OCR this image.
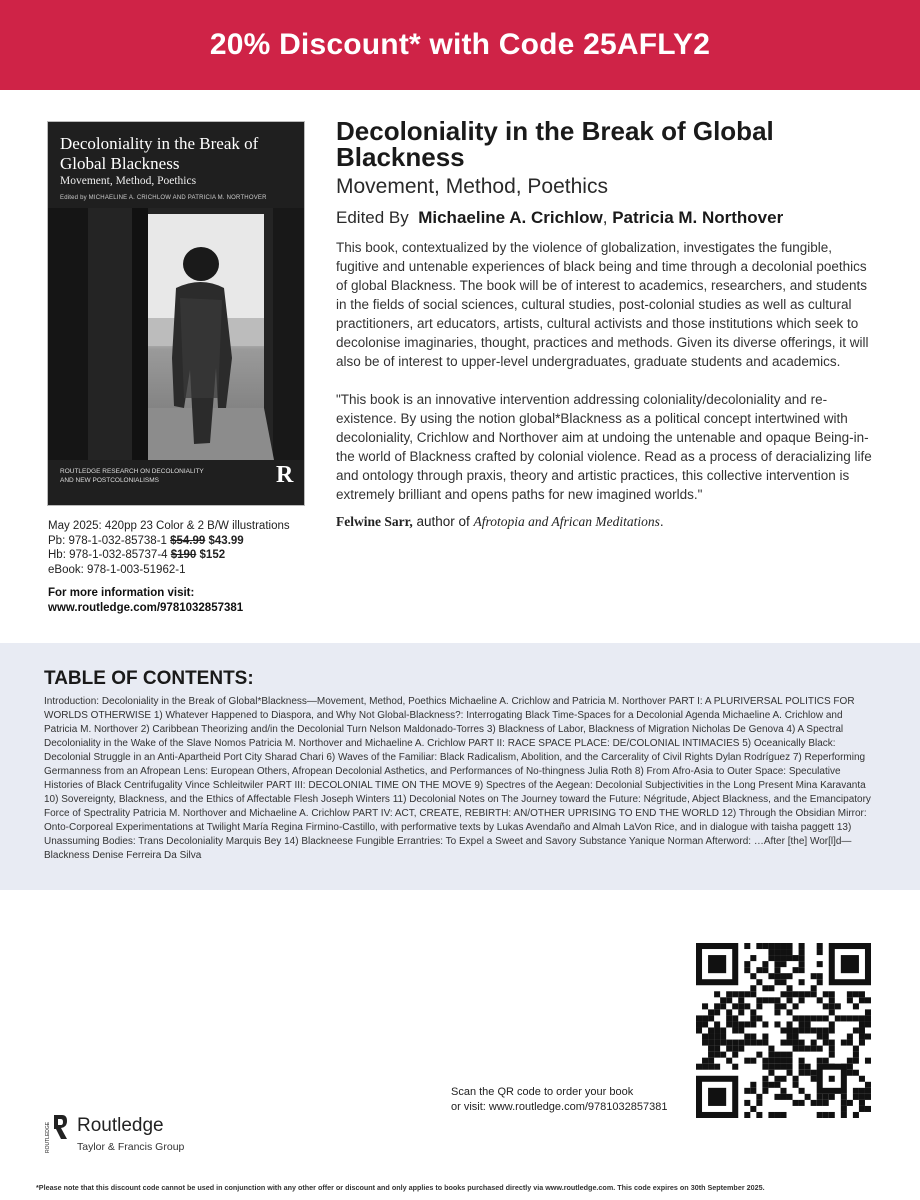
20% Discount* with Code 25AFLY2
Decoloniality in the Break of Global Blackness
Movement, Method, Poethics
Edited by MICHAELINE A. CRICHLOW AND PATRICIA M. NORTHOVER
ROUTLEDGE RESEARCH ON DECOLONIALITY
AND NEW POSTCOLONIALISMS	R
May 2025: 420pp 23 Color & 2 B/W illustrations
Pb: 978-1-032-85738-1 $54.99 $43.99
Hb: 978-1-032-85737-4 $190 $152
eBook: 978-1-003-51962-1
For more information visit:
www.routledge.com/9781032857381
Decoloniality in the Break of Global Blackness
Movement, Method, Poethics
Edited By Michaeline A. Crichlow, Patricia M. Northover
This book, contextualized by the violence of globalization, investigates the fungible, fugitive and untenable experiences of black being and time through a decolonial poethics of global Blackness. The book will be of interest to academics, researchers, and students in the fields of social sciences, cultural studies, post-colonial studies as well as cultural practitioners, art educators, artists, cultural activists and those institutions which seek to decolonise imaginaries, thought, practices and methods. Given its diverse offerings, it will also be of interest to upper-level undergraduates, graduate students and academics.
"This book is an innovative intervention addressing coloniality/decoloniality and re-existence. By using the notion global*Blackness as a political concept intertwined with decoloniality, Crichlow and Northover aim at undoing the untenable and opaque Being-in-the world of Blackness crafted by colonial violence. Read as a process of deracializing life and ontology through praxis, theory and artistic practices, this collective intervention is extremely brilliant and opens paths for new imagined worlds."
Felwine Sarr, author of Afrotopia and African Meditations.
TABLE OF CONTENTS:
Introduction: Decoloniality in the Break of Global*Blackness—Movement, Method, Poethics Michaeline A. Crichlow and Patricia M. Northover PART I: A PLURIVERSAL POLITICS FOR WORLDS OTHERWISE 1) Whatever Happened to Diaspora, and Why Not Global-Blackness?: Interrogating Black Time-Spaces for a Decolonial Agenda Michaeline A. Crichlow and Patricia M. Northover 2) Caribbean Theorizing and/in the Decolonial Turn Nelson Maldonado-Torres 3) Blackness of Labor, Blackness of Migration Nicholas De Genova 4) A Spectral Decoloniality in the Wake of the Slave Nomos Patricia M. Northover and Michaeline A. Crichlow PART II: RACE SPACE PLACE: DE/COLONIAL INTIMACIES 5) Oceanically Black: Decolonial Struggle in an Anti-Apartheid Port City Sharad Chari 6) Waves of the Familiar: Black Radicalism, Abolition, and the Carcerality of Civil Rights Dylan Rodríguez 7) Reperforming Germanness from an Afropean Lens: European Others, Afropean Decolonial Asthetics, and Performances of No-thingness Julia Roth 8) From Afro-Asia to Outer Space: Speculative Histories of Black Centrifugality Vince Schleitwiler PART III: DECOLONIAL TIME ON THE MOVE 9) Spectres of the Aegean: Decolonial Subjectivities in the Long Present Mina Karavanta 10) Sovereignty, Blackness, and the Ethics of Affectable Flesh Joseph Winters 11) Decolonial Notes on The Journey toward the Future: Négritude, Abject Blackness, and the Emancipatory Force of Spectrality Patricia M. Northover and Michaeline A. Crichlow PART IV: ACT, CREATE, REBIRTH: AN/OTHER UPRISING TO END THE WORLD 12) Through the Obsidian Mirror: Onto-Corporeal Experimentations at Twilight María Regina Firmino-Castillo, with performative texts by Lukas Avendaño and Almah LaVon Rice, and in dialogue with taisha paggett 13) Unassuming Bodies: Trans Decoloniality Marquis Bey 14) Blackneese Fungible Errantries: To Expel a Sweet and Savory Substance Yanique Norman Afterword: …After [the] Wor[l]d—Blackness Denise Ferreira Da Silva
Scan the QR code to order your book
or visit: www.routledge.com/9781032857381
ROUTLEDGE Routledge
Taylor & Francis Group
*Please note that this discount code cannot be used in conjunction with any other offer or discount and only applies to books purchased directly via www.routledge.com. This code expires on 30th September 2025.
